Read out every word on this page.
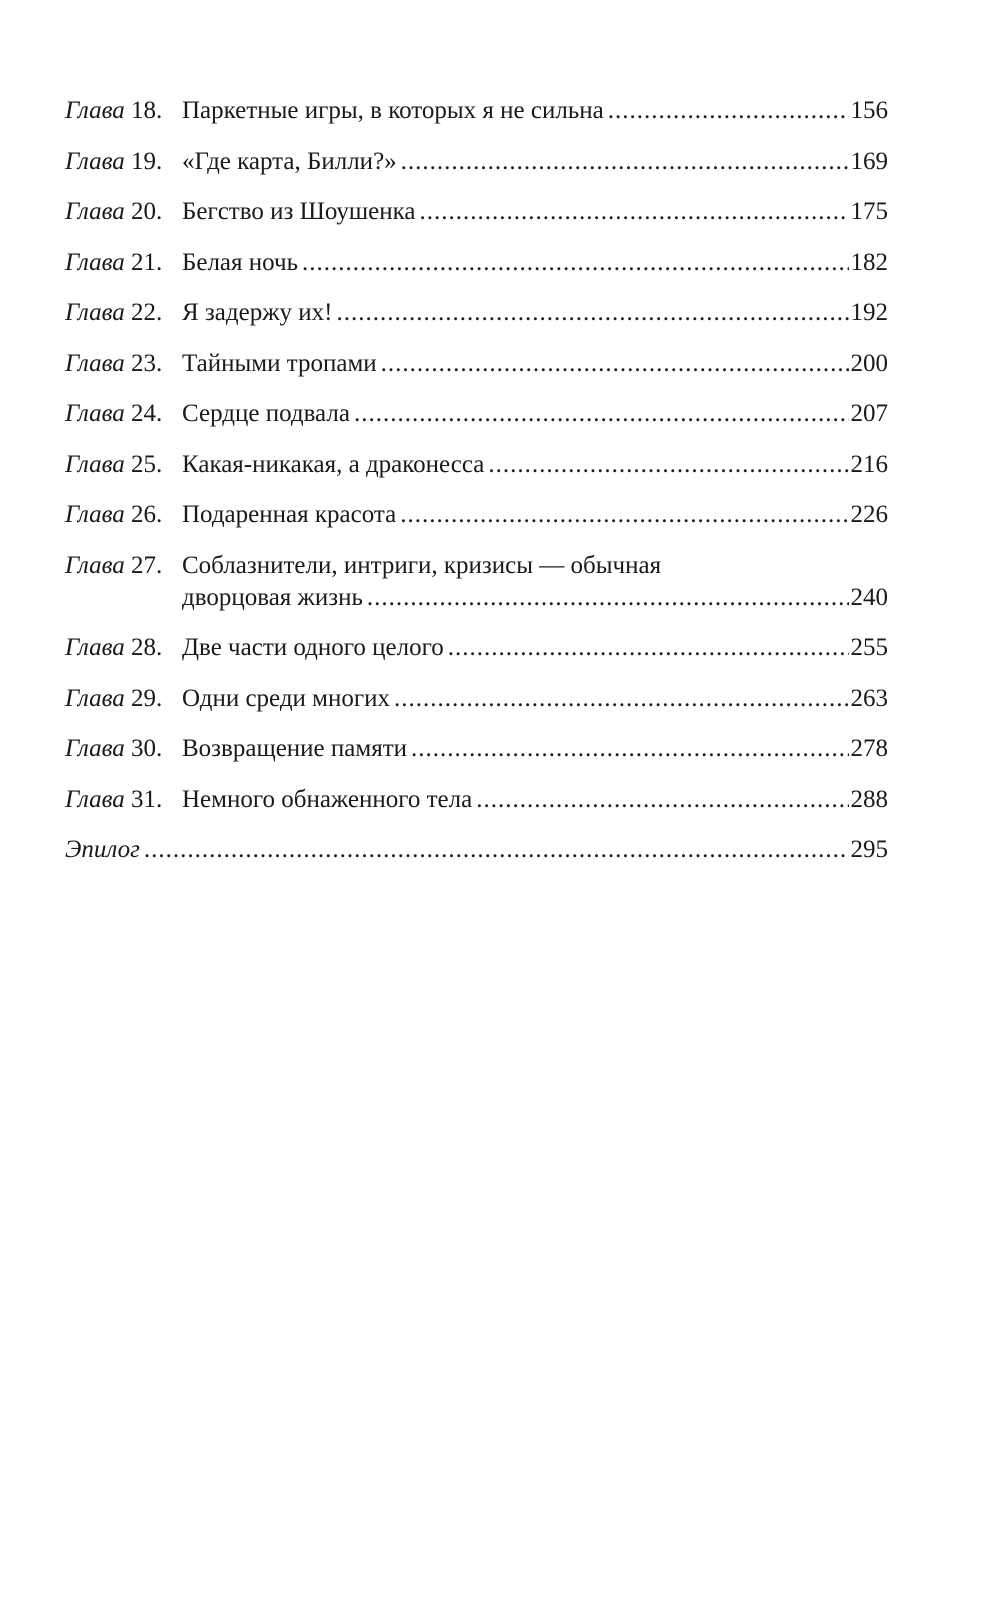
Глава 18. Паркетные игры, в которых я не сильна .....	156
Глава 19. «Где карта, Билли?» .....	169
Глава 20. Бегство из Шоушенка .....	175
Глава 21. Белая ночь .....	182
Глава 22. Я задержу их! .....	192
Глава 23. Тайными тропами .....	200
Глава 24. Сердце подвала .....	207
Глава 25. Какая-никакая, а драконесса .....	216
Глава 26. Подаренная красота .....	226
Глава 27. Соблазнители, интриги, кризисы — обычная
дворцовая жизнь .....	240
Глава 28. Две части одного целого .....	255
Глава 29. Одни среди многих .....	263
Глава 30. Возвращение памяти .....	278
Глава 31. Немного обнаженного тела .....	288
Эпилог .....	295
